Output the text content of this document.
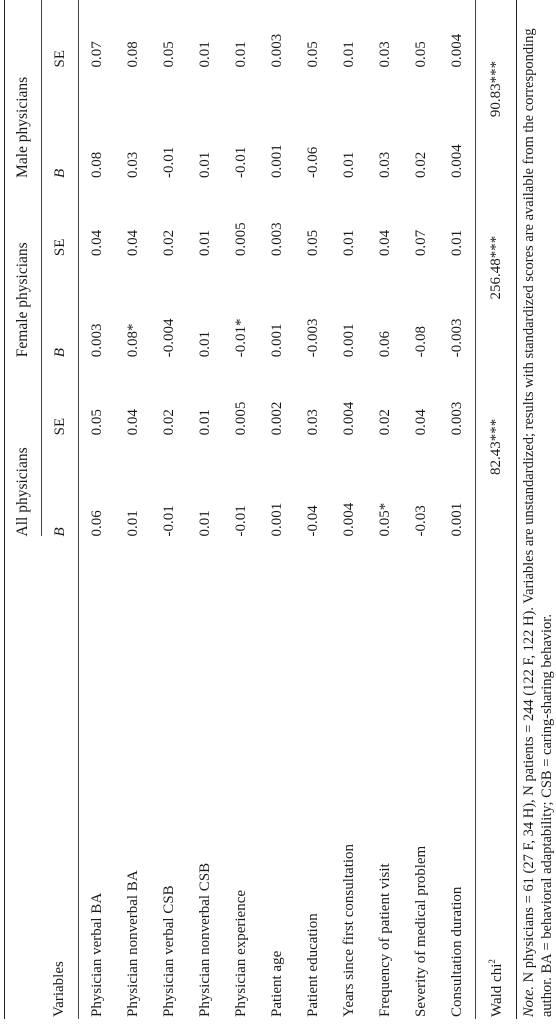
	All physicians		Female physicians		Male physicians	
Variables	B	SE	B	SE	B	SE
Physician verbal BA	0.06	0.05	0.003	0.04	0.08	0.07
Physician nonverbal BA	0.01	0.04	0.08*	0.04	0.03	0.08
Physician verbal CSB	-0.01	0.02	-0.004	0.02	-0.01	0.05
Physician nonverbal CSB	0.01	0.01	0.01	0.01	0.01	0.01
Physician experience	-0.01	0.005	-0.01*	0.005	-0.01	0.01
Patient age	0.001	0.002	0.001	0.003	0.001	0.003
Patient education	-0.04	0.03	-0.003	0.05	-0.06	0.05
Years since first consultation	0.004	0.004	0.001	0.01	0.01	0.01
Frequency of patient visit	0.05*	0.02	0.06	0.04	0.03	0.03
Severity of medical problem	-0.03	0.04	-0.08	0.07	0.02	0.05
Consultation duration	0.001	0.003	-0.003	0.01	0.004	0.004
Wald chi$^2$	82.43***		256.48***		90.83***	
Note. N physicians = 61 (27 F, 34 H), N patients = 244 (122 F, 122 H). Variables are unstandardized; results with standardized scores are available from the corresponding author. BA = behavioral adaptability; CSB = caring-sharing behavior.
